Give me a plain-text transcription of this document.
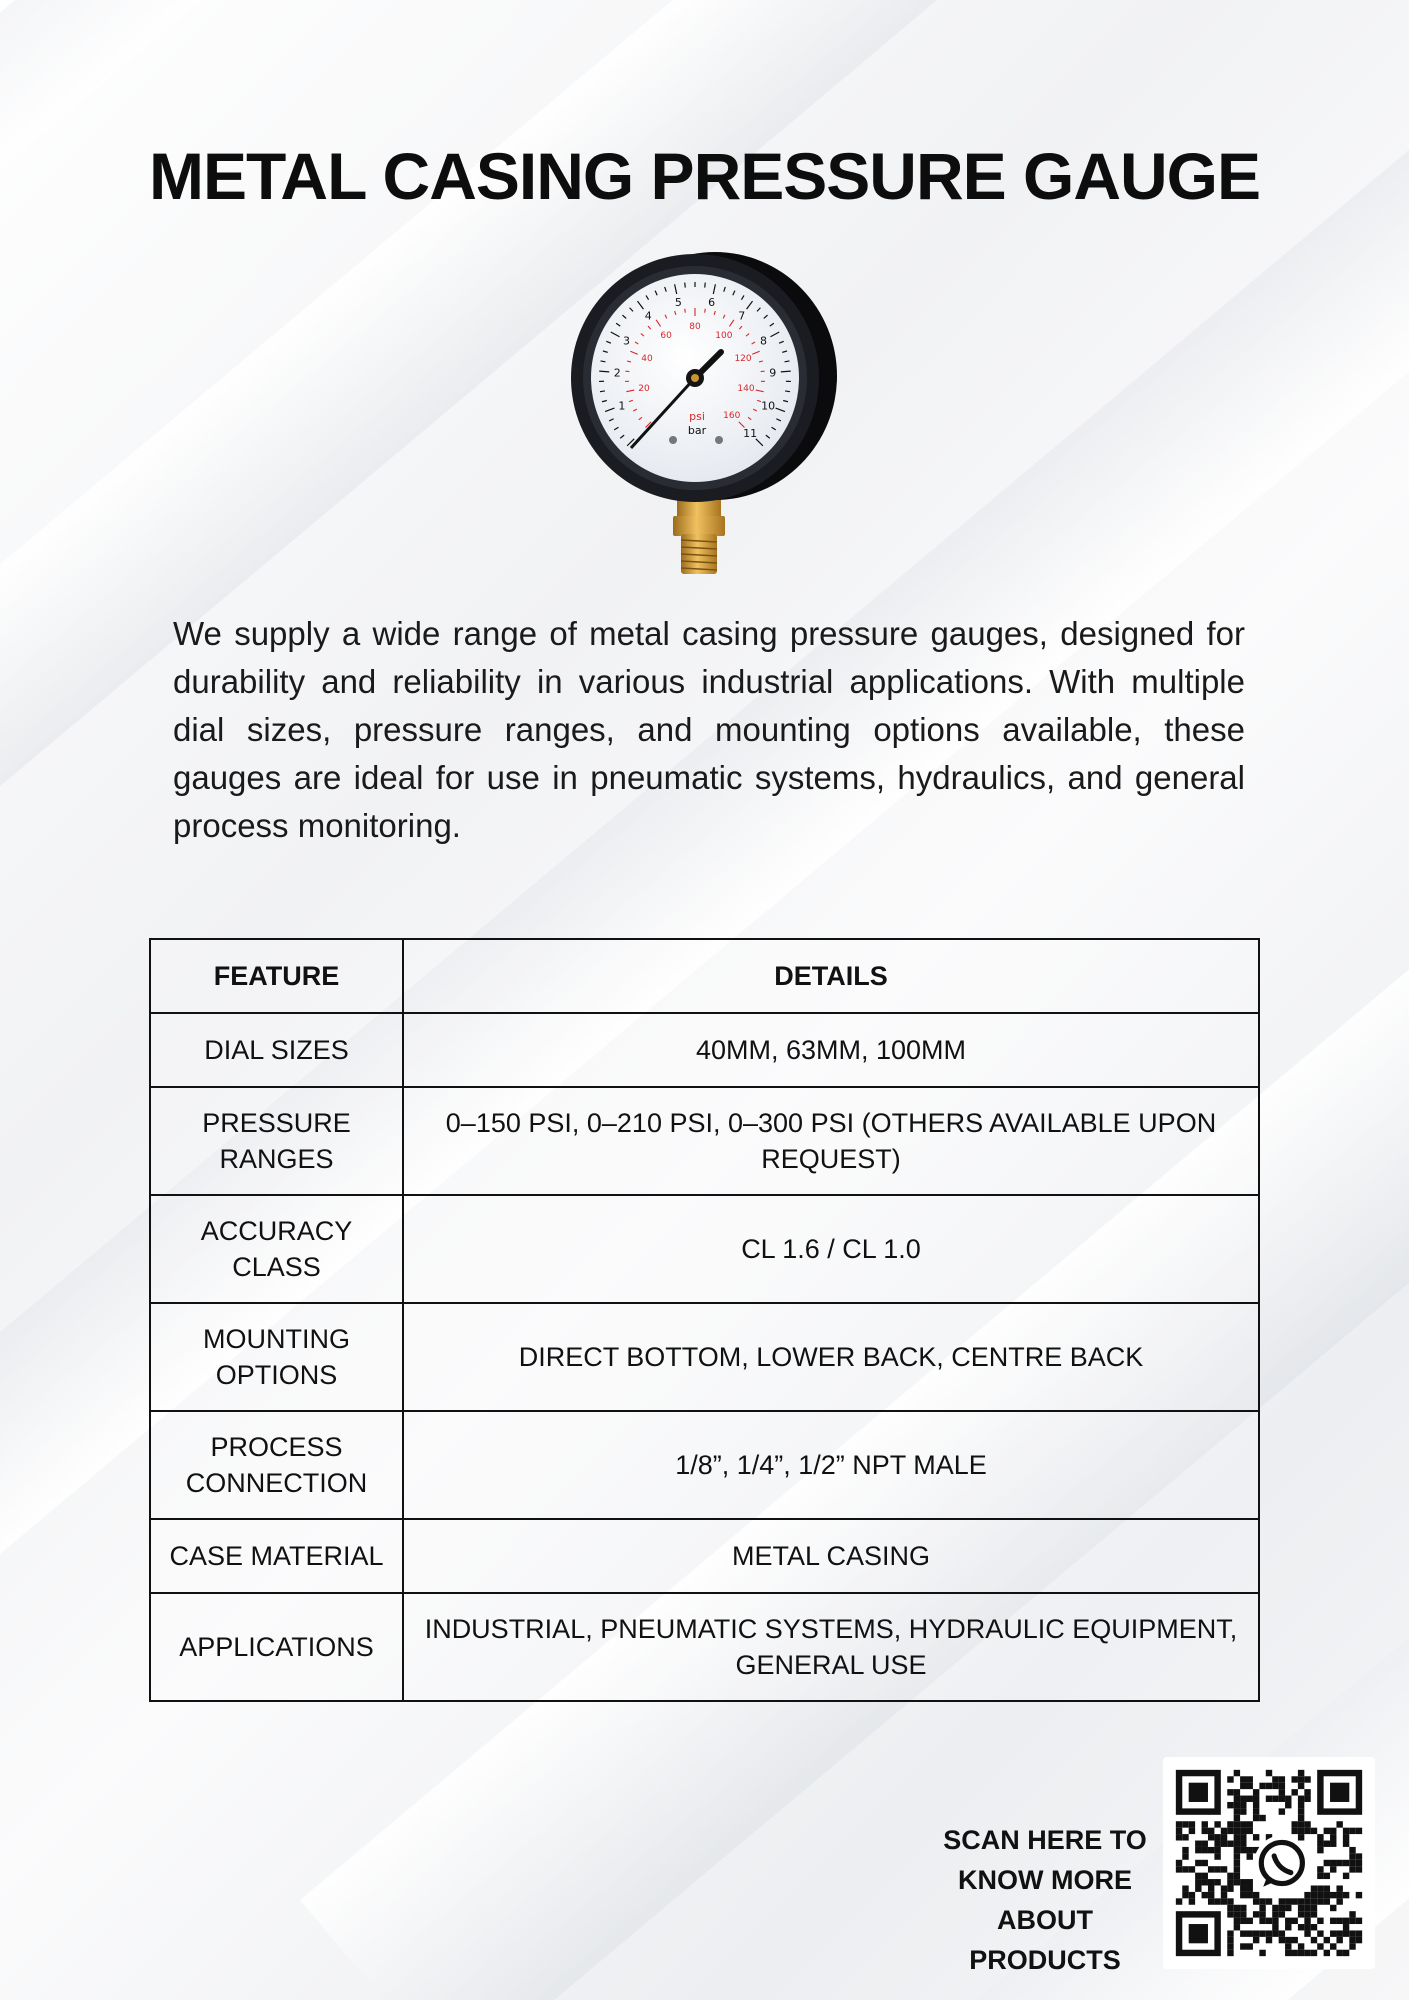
METAL CASING PRESSURE GAUGE
1
2
3
4
5 6
7
8
9
10
11
20
40
60
80
100
120
140
160
psi
bar

We supply a wide range of metal casing pressure gauges, designed for durability and reliability in various industrial applications. With multiple dial sizes, pressure ranges, and mounting options available, these gauges are ideal for use in pneumatic systems, hydraulics, and general process monitoring.

FEATURE	DETAILS
DIAL SIZES	40MM, 63MM, 100MM
PRESSURE RANGES	0–150 PSI, 0–210 PSI, 0–300 PSI (OTHERS AVAILABLE UPON REQUEST)
ACCURACY CLASS	CL 1.6 / CL 1.0
MOUNTING OPTIONS	DIRECT BOTTOM, LOWER BACK, CENTRE BACK
PROCESS CONNECTION	1/8”, 1/4”, 1/2” NPT MALE
CASE MATERIAL	METAL CASING
APPLICATIONS	INDUSTRIAL, PNEUMATIC SYSTEMS, HYDRAULIC EQUIPMENT, GENERAL USE
SCAN HERE TO
KNOW MORE
ABOUT PRODUCTS
